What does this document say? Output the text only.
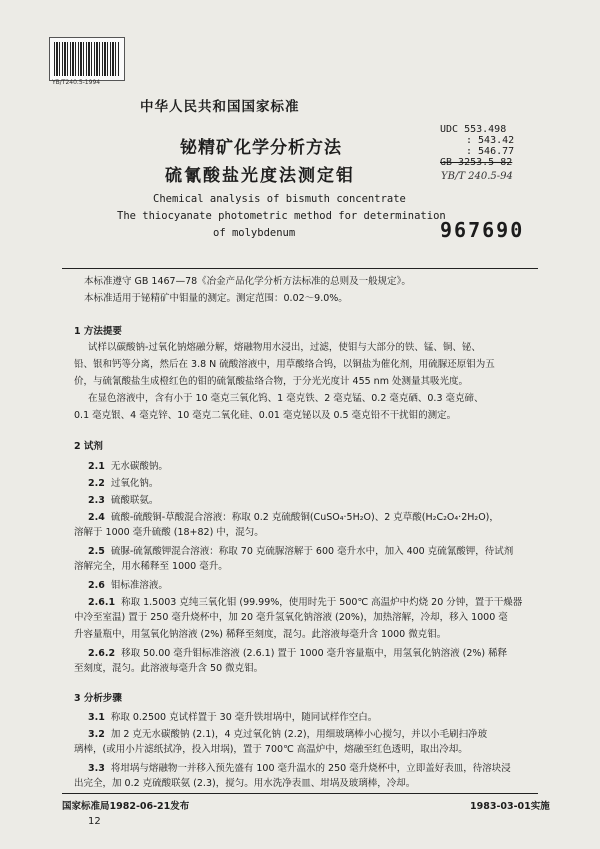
YB/T240.5-1994
中华人民共和国国家标准
铋精矿化学分析方法
硫氰酸盐光度法测定钼
Chemical analysis of bismuth concentrate
The thiocyanate photometric method for determination
of molybdenum
UDC 553.498
: 543.42
: 546.77
GB 3253.5—82
YB/T 240.5-94
967690
本标准遵守 GB 1467—78《冶金产品化学分析方法标准的总则及一般规定》。
本标准适用于铋精矿中钼量的测定。测定范围：0.02～9.0%。
1 方法提要
试样以碳酸钠-过氧化钠熔融分解，熔融物用水浸出，过滤，使钼与大部分的铁、锰、铜、铋、
铅、银和钙等分离，然后在 3.8 N 硫酸溶液中，用草酸络合钨，以铜盐为催化剂，用硫脲还原钼为五
价，与硫氰酸盐生成橙红色的钼的硫氰酸盐络合物，于分光光度计 455 nm 处测量其吸光度。
在显色溶液中，含有小于 10 毫克三氧化钨、1 毫克铁、2 毫克锰、0.2 毫克硒、0.3 毫克碲、
0.1 毫克银、4 毫克锌、10 毫克二氧化硅、0.01 毫克铋以及 0.5 毫克铅不干扰钼的测定。
2 试剂
2.1 无水碳酸钠。
2.2 过氧化钠。
2.3 硫酸联氨。
2.4 硫酸-硫酸铜-草酸混合溶液：称取 0.2 克硫酸铜(CuSO₄·5H₂O)、2 克草酸(H₂C₂O₄·2H₂O)，
溶解于 1000 毫升硫酸 (18+82) 中，混匀。
2.5 硫脲-硫氰酸钾混合溶液：称取 70 克硫脲溶解于 600 毫升水中，加入 400 克硫氰酸钾，待试剂
溶解完全，用水稀释至 1000 毫升。
2.6 钼标准溶液。
2.6.1 称取 1.5003 克纯三氧化钼 (99.99%，使用时先于 500℃ 高温炉中灼烧 20 分钟，置于干燥器
中冷至室温) 置于 250 毫升烧杯中，加 20 毫升氢氧化钠溶液 (20%)，加热溶解，冷却，移入 1000 毫
升容量瓶中，用氢氧化钠溶液 (2%) 稀释至刻度，混匀。此溶液每毫升含 1000 微克钼。
2.6.2 移取 50.00 毫升钼标准溶液 (2.6.1) 置于 1000 毫升容量瓶中，用氢氧化钠溶液 (2%) 稀释
至刻度，混匀。此溶液每毫升含 50 微克钼。
3 分析步骤
3.1 称取 0.2500 克试样置于 30 毫升铁坩埚中，随同试样作空白。
3.2 加 2 克无水碳酸钠 (2.1)，4 克过氧化钠 (2.2)，用细玻璃棒小心搅匀，并以小毛刷扫净玻
璃棒，(或用小片滤纸拭净，投入坩埚)，置于 700℃ 高温炉中，熔融至红色透明，取出冷却。
3.3 将坩埚与熔融物一并移入预先盛有 100 毫升温水的 250 毫升烧杯中，立即盖好表皿，待溶块浸
出完全，加 0.2 克硫酸联氨 (2.3)，搅匀。用水洗净表皿、坩埚及玻璃棒，冷却。
国家标准局1982-06-21发布	1983-03-01实施
12
